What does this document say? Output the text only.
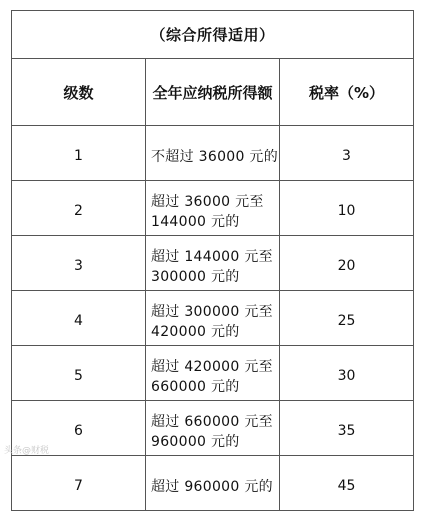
（综合所得适用）		
级数	全年应纳税所得额	税率（%）
1	不超过 36000 元的	3
2	超过 36000 元至 144000 元的	10
3	超过 144000 元至 300000 元的	20
4	超过 300000 元至 420000 元的	25
5	超过 420000 元至 660000 元的	30
6	超过 660000 元至 960000 元的	35
7	超过 960000 元的	45
头条@财税
